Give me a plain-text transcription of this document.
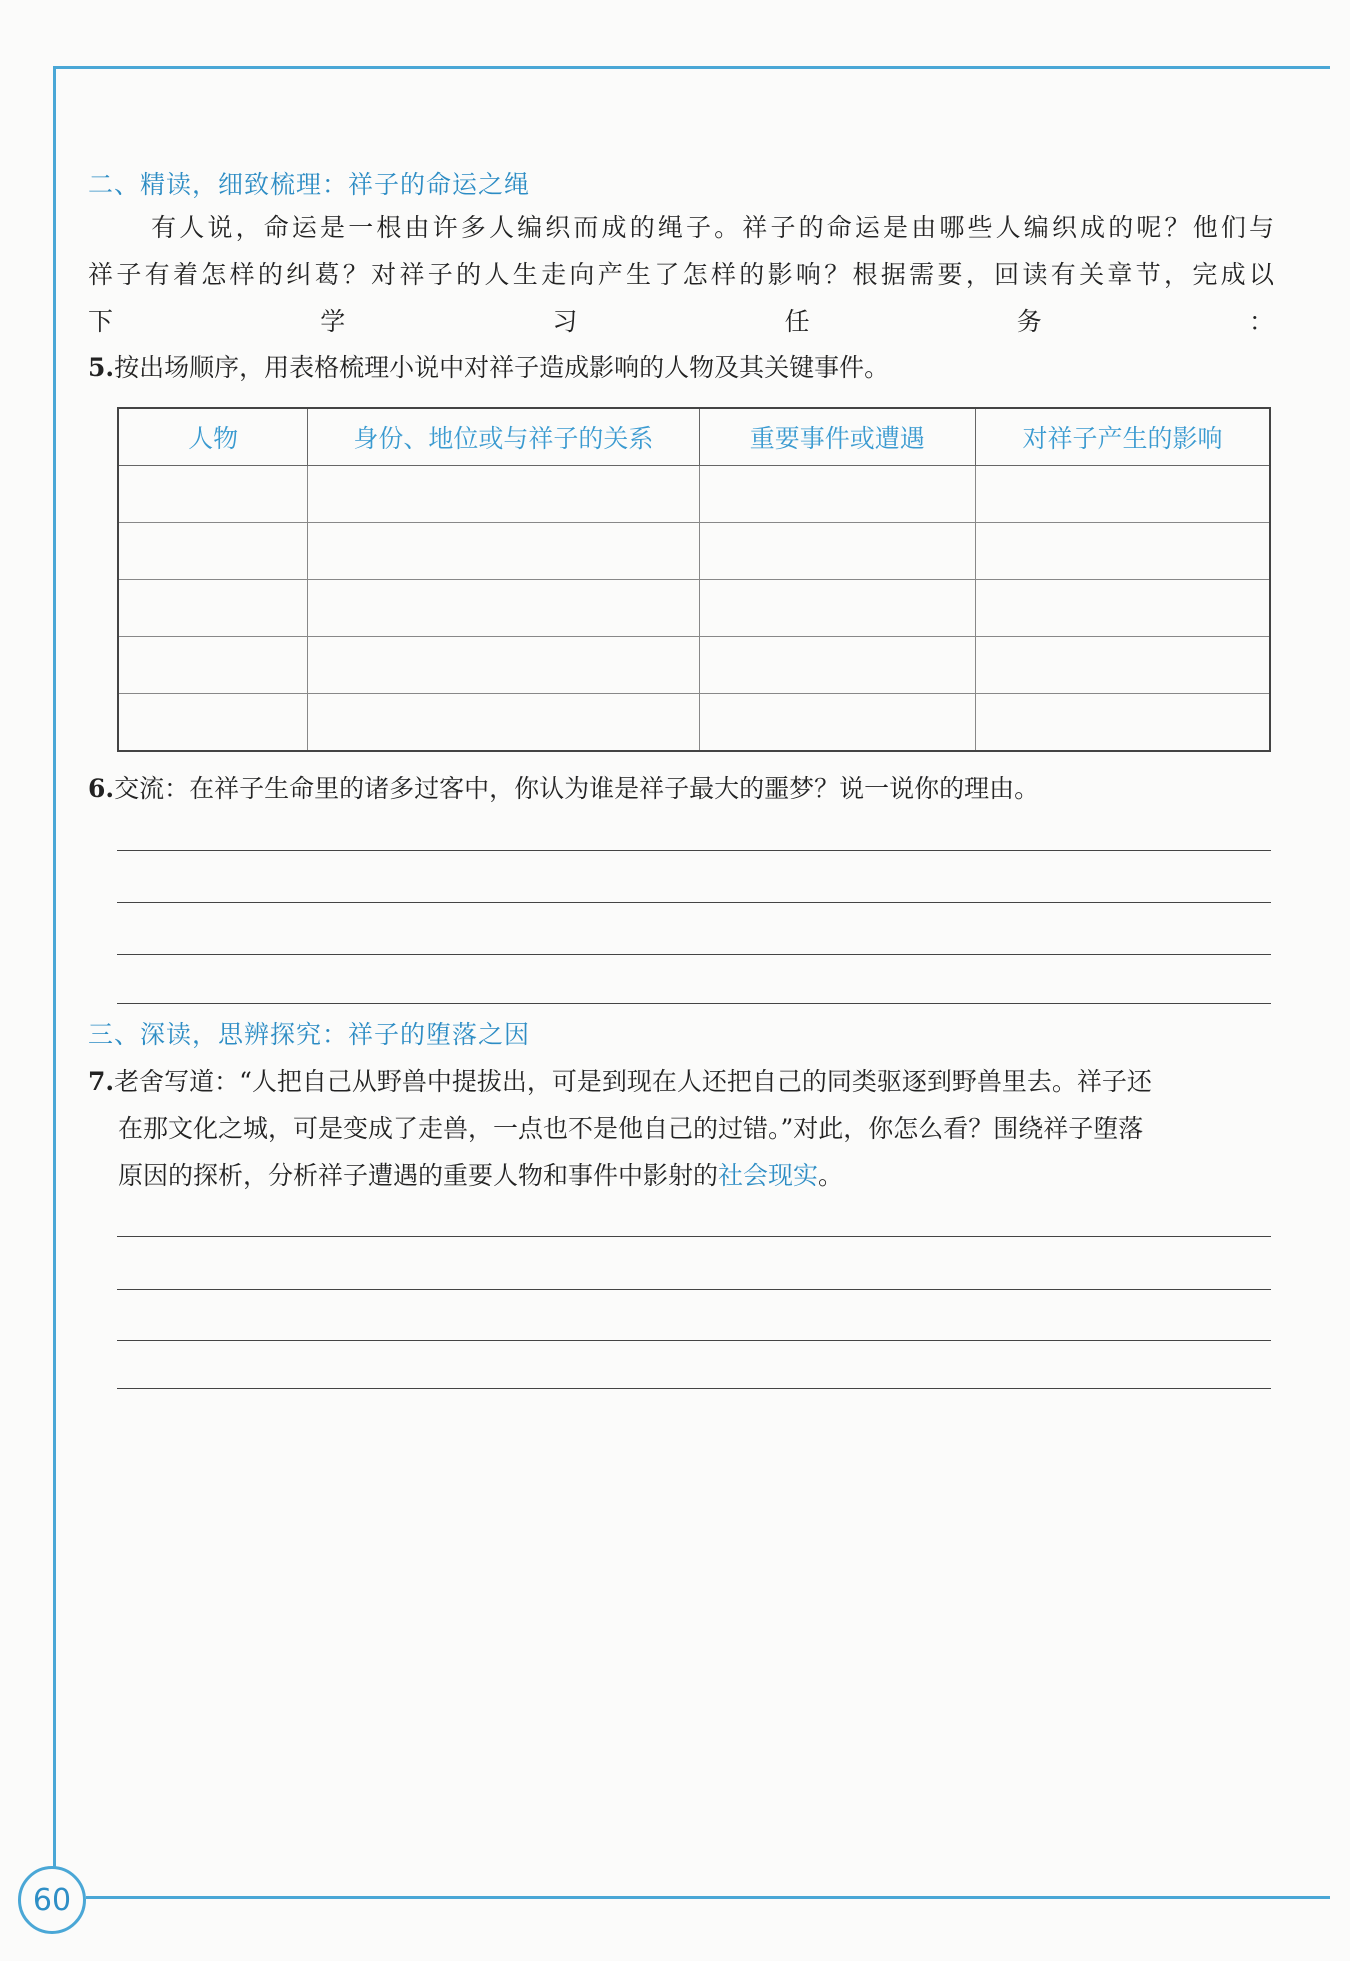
60
二、精读，细致梳理：祥子的命运之绳
有人说，命运是一根由许多人编织而成的绳子。祥子的命运是由哪些人编织成的呢？他们与
祥子有着怎样的纠葛？对祥子的人生走向产生了怎样的影响？根据需要，回读有关章节，完成以
下学习任务：
5.按出场顺序，用表格梳理小说中对祥子造成影响的人物及其关键事件。
人物	身份、地位或与祥子的关系	重要事件或遭遇	对祥子产生的影响

6.交流：在祥子生命里的诸多过客中，你认为谁是祥子最大的噩梦？说一说你的理由。
三、深读，思辨探究：祥子的堕落之因
7.老舍写道：“人把自己从野兽中提拔出，可是到现在人还把自己的同类驱逐到野兽里去。祥子还
在那文化之城，可是变成了走兽，一点也不是他自己的过错。”对此，你怎么看？围绕祥子堕落
原因的探析，分析祥子遭遇的重要人物和事件中影射的社会现实。
